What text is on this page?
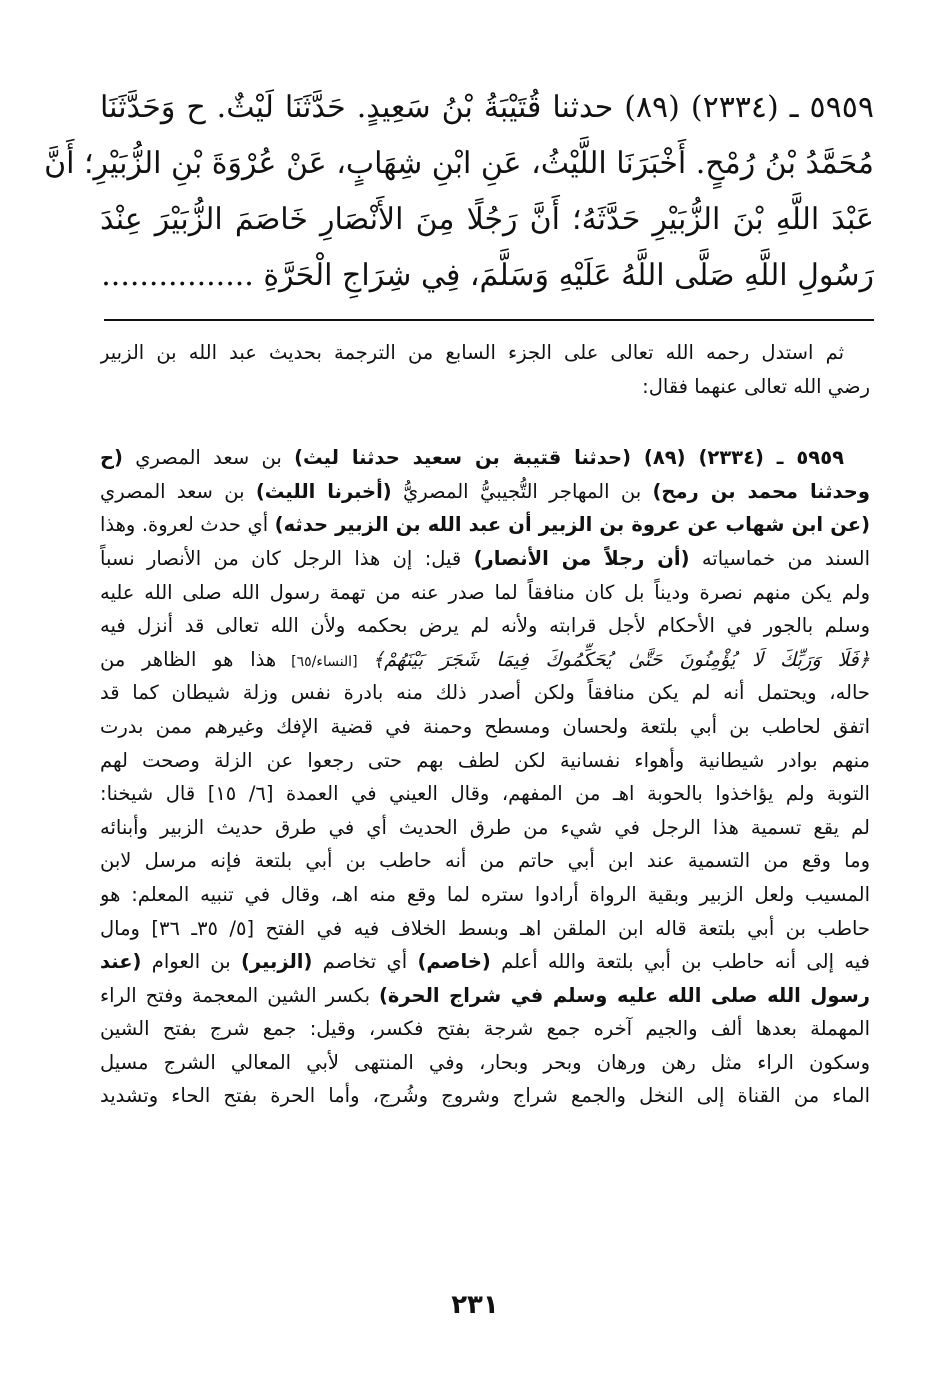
٥٩٥٩ ـ (٢٣٣٤) (٨٩) حدثنا قُتَيْبَةُ بْنُ سَعِيدٍ. حَدَّثَنَا لَيْثٌ. ح وَحَدَّثَنَا
مُحَمَّدُ بْنُ رُمْحٍ. أَخْبَرَنَا اللَّيْثُ، عَنِ ابْنِ شِهَابٍ، عَنْ عُرْوَةَ بْنِ الزُّبَيْرِ؛ أَنَّ
عَبْدَ اللَّهِ بْنَ الزُّبَيْرِ حَدَّثَهُ؛ أَنَّ رَجُلًا مِنَ الأَنْصَارِ خَاصَمَ الزُّبَيْرَ عِنْدَ
رَسُولِ اللَّهِ صَلَّى اللَّهُ عَلَيْهِ وَسَلَّمَ، فِي شِرَاجِ الْحَرَّةِ ................
ثم استدل رحمه الله تعالى على الجزء السابع من الترجمة بحديث عبد الله بن الزبير
رضي الله تعالى عنهما فقال:
٥٩٥٩ ـ (٢٣٣٤) (٨٩) (حدثنا قتيبة بن سعيد حدثنا ليث) بن سعد المصري (ح
وحدثنا محمد بن رمح) بن المهاجر التُّجيبيُّ المصريُّ (أخبرنا الليث) بن سعد المصري
(عن ابن شهاب عن عروة بن الزبير أن عبد الله بن الزبير حدثه) أي حدث لعروة. وهذا
السند من خماسياته (أن رجلاً من الأنصار) قيل: إن هذا الرجل كان من الأنصار نسباً
ولم يكن منهم نصرة وديناً بل كان منافقاً لما صدر عنه من تهمة رسول الله صلى الله عليه
وسلم بالجور في الأحكام لأجل قرابته ولأنه لم يرض بحكمه ولأن الله تعالى قد أنزل فيه
﴿فَلَا وَرَبِّكَ لَا يُؤْمِنُونَ حَتَّىٰ يُحَكِّمُوكَ فِيمَا شَجَرَ بَيْنَهُمْ﴾ [النساء/٦٥] هذا هو الظاهر من
حاله، ويحتمل أنه لم يكن منافقاً ولكن أصدر ذلك منه بادرة نفس وزلة شيطان كما قد
اتفق لحاطب بن أبي بلتعة ولحسان ومسطح وحمنة في قضية الإفك وغيرهم ممن بدرت
منهم بوادر شيطانية وأهواء نفسانية لكن لطف بهم حتى رجعوا عن الزلة وصحت لهم
التوبة ولم يؤاخذوا بالحوبة اهـ من المفهم، وقال العيني في العمدة [٦/ ١٥] قال شيخنا:
لم يقع تسمية هذا الرجل في شيء من طرق الحديث أي في طرق حديث الزبير وأبنائه
وما وقع من التسمية عند ابن أبي حاتم من أنه حاطب بن أبي بلتعة فإنه مرسل لابن
المسيب ولعل الزبير وبقية الرواة أرادوا ستره لما وقع منه اهـ، وقال في تنبيه المعلم: هو
حاطب بن أبي بلتعة قاله ابن الملقن اهـ وبسط الخلاف فيه في الفتح [٥/ ٣٥ـ ٣٦] ومال
فيه إلى أنه حاطب بن أبي بلتعة والله أعلم (خاصم) أي تخاصم (الزبير) بن العوام (عند
رسول الله صلى الله عليه وسلم في شراج الحرة) بكسر الشين المعجمة وفتح الراء
المهملة بعدها ألف والجيم آخره جمع شرجة بفتح فكسر، وقيل: جمع شرج بفتح الشين
وسكون الراء مثل رهن ورهان وبحر وبحار، وفي المنتهى لأبي المعالي الشرج مسيل
الماء من القناة إلى النخل والجمع شراج وشروج وشُرج، وأما الحرة بفتح الحاء وتشديد
٢٣١
